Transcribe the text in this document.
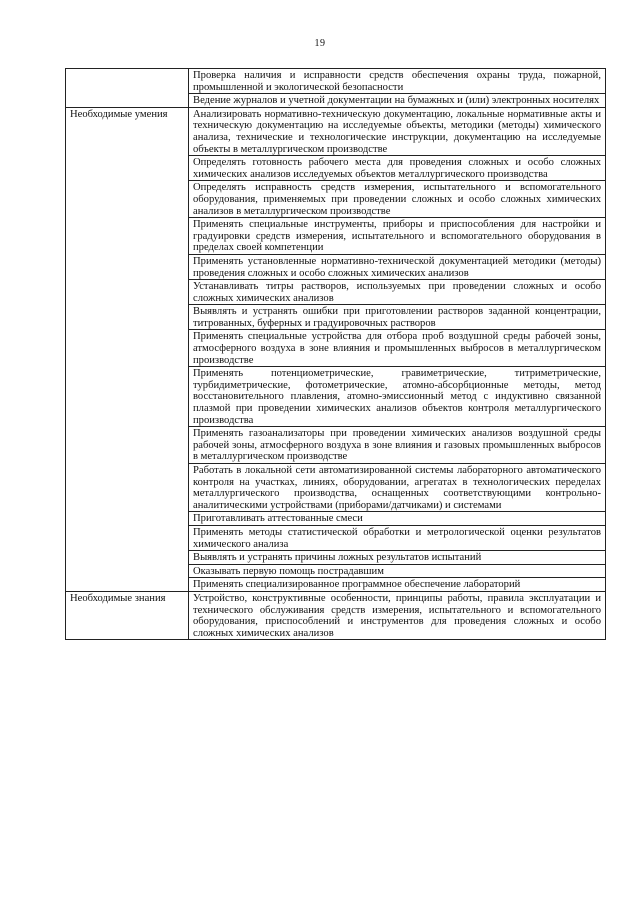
19
	Проверка наличия и исправности средств обеспечения охраны труда, пожарной, промышленной и экологической безопасности
	Ведение журналов и учетной документации на бумажных и (или) электронных носителях
Необходимые умения	Анализировать нормативно-техническую документацию, локальные нормативные акты и техническую документацию на исследуемые объекты, методики (методы) химического анализа, технические и технологические инструкции, документацию на исследуемые объекты в металлургическом производстве
	Определять готовность рабочего места для проведения сложных и особо сложных химических анализов исследуемых объектов металлургического производства
	Определять исправность средств измерения, испытательного и вспомогательного оборудования, применяемых при проведении сложных и особо сложных химических анализов в металлургическом производстве
	Применять специальные инструменты, приборы и приспособления для настройки и градуировки средств измерения, испытательного и вспомогательного оборудования в пределах своей компетенции
	Применять установленные нормативно-технической документацией методики (методы) проведения сложных и особо сложных химических анализов
	Устанавливать титры растворов, используемых при проведении сложных и особо сложных химических анализов
	Выявлять и устранять ошибки при приготовлении растворов заданной концентрации, титрованных, буферных и градуировочных растворов
	Применять специальные устройства для отбора проб воздушной среды рабочей зоны, атмосферного воздуха в зоне влияния и промышленных выбросов в металлургическом производстве
	Применять потенциометрические, гравиметрические, титриметрические, турбидиметрические, фотометрические, атомно-абсорбционные методы, метод восстановительного плавления, атомно-эмиссионный метод с индуктивно связанной плазмой при проведении химических анализов объектов контроля металлургического производства
	Применять газоанализаторы при проведении химических анализов воздушной среды рабочей зоны, атмосферного воздуха в зоне влияния и газовых промышленных выбросов в металлургическом производстве
	Работать в локальной сети автоматизированной системы лабораторного автоматического контроля на участках, линиях, оборудовании, агрегатах в технологических переделах металлургического производства, оснащенных соответствующими контрольно-аналитическими устройствами (приборами/датчиками) и системами
	Приготавливать аттестованные смеси
	Применять методы статистической обработки и метрологической оценки результатов химического анализа
	Выявлять и устранять причины ложных результатов испытаний
	Оказывать первую помощь пострадавшим
	Применять специализированное программное обеспечение лабораторий
Необходимые знания	Устройство, конструктивные особенности, принципы работы, правила эксплуатации и технического обслуживания средств измерения, испытательного и вспомогательного оборудования, приспособлений и инструментов для проведения сложных и особо сложных химических анализов
